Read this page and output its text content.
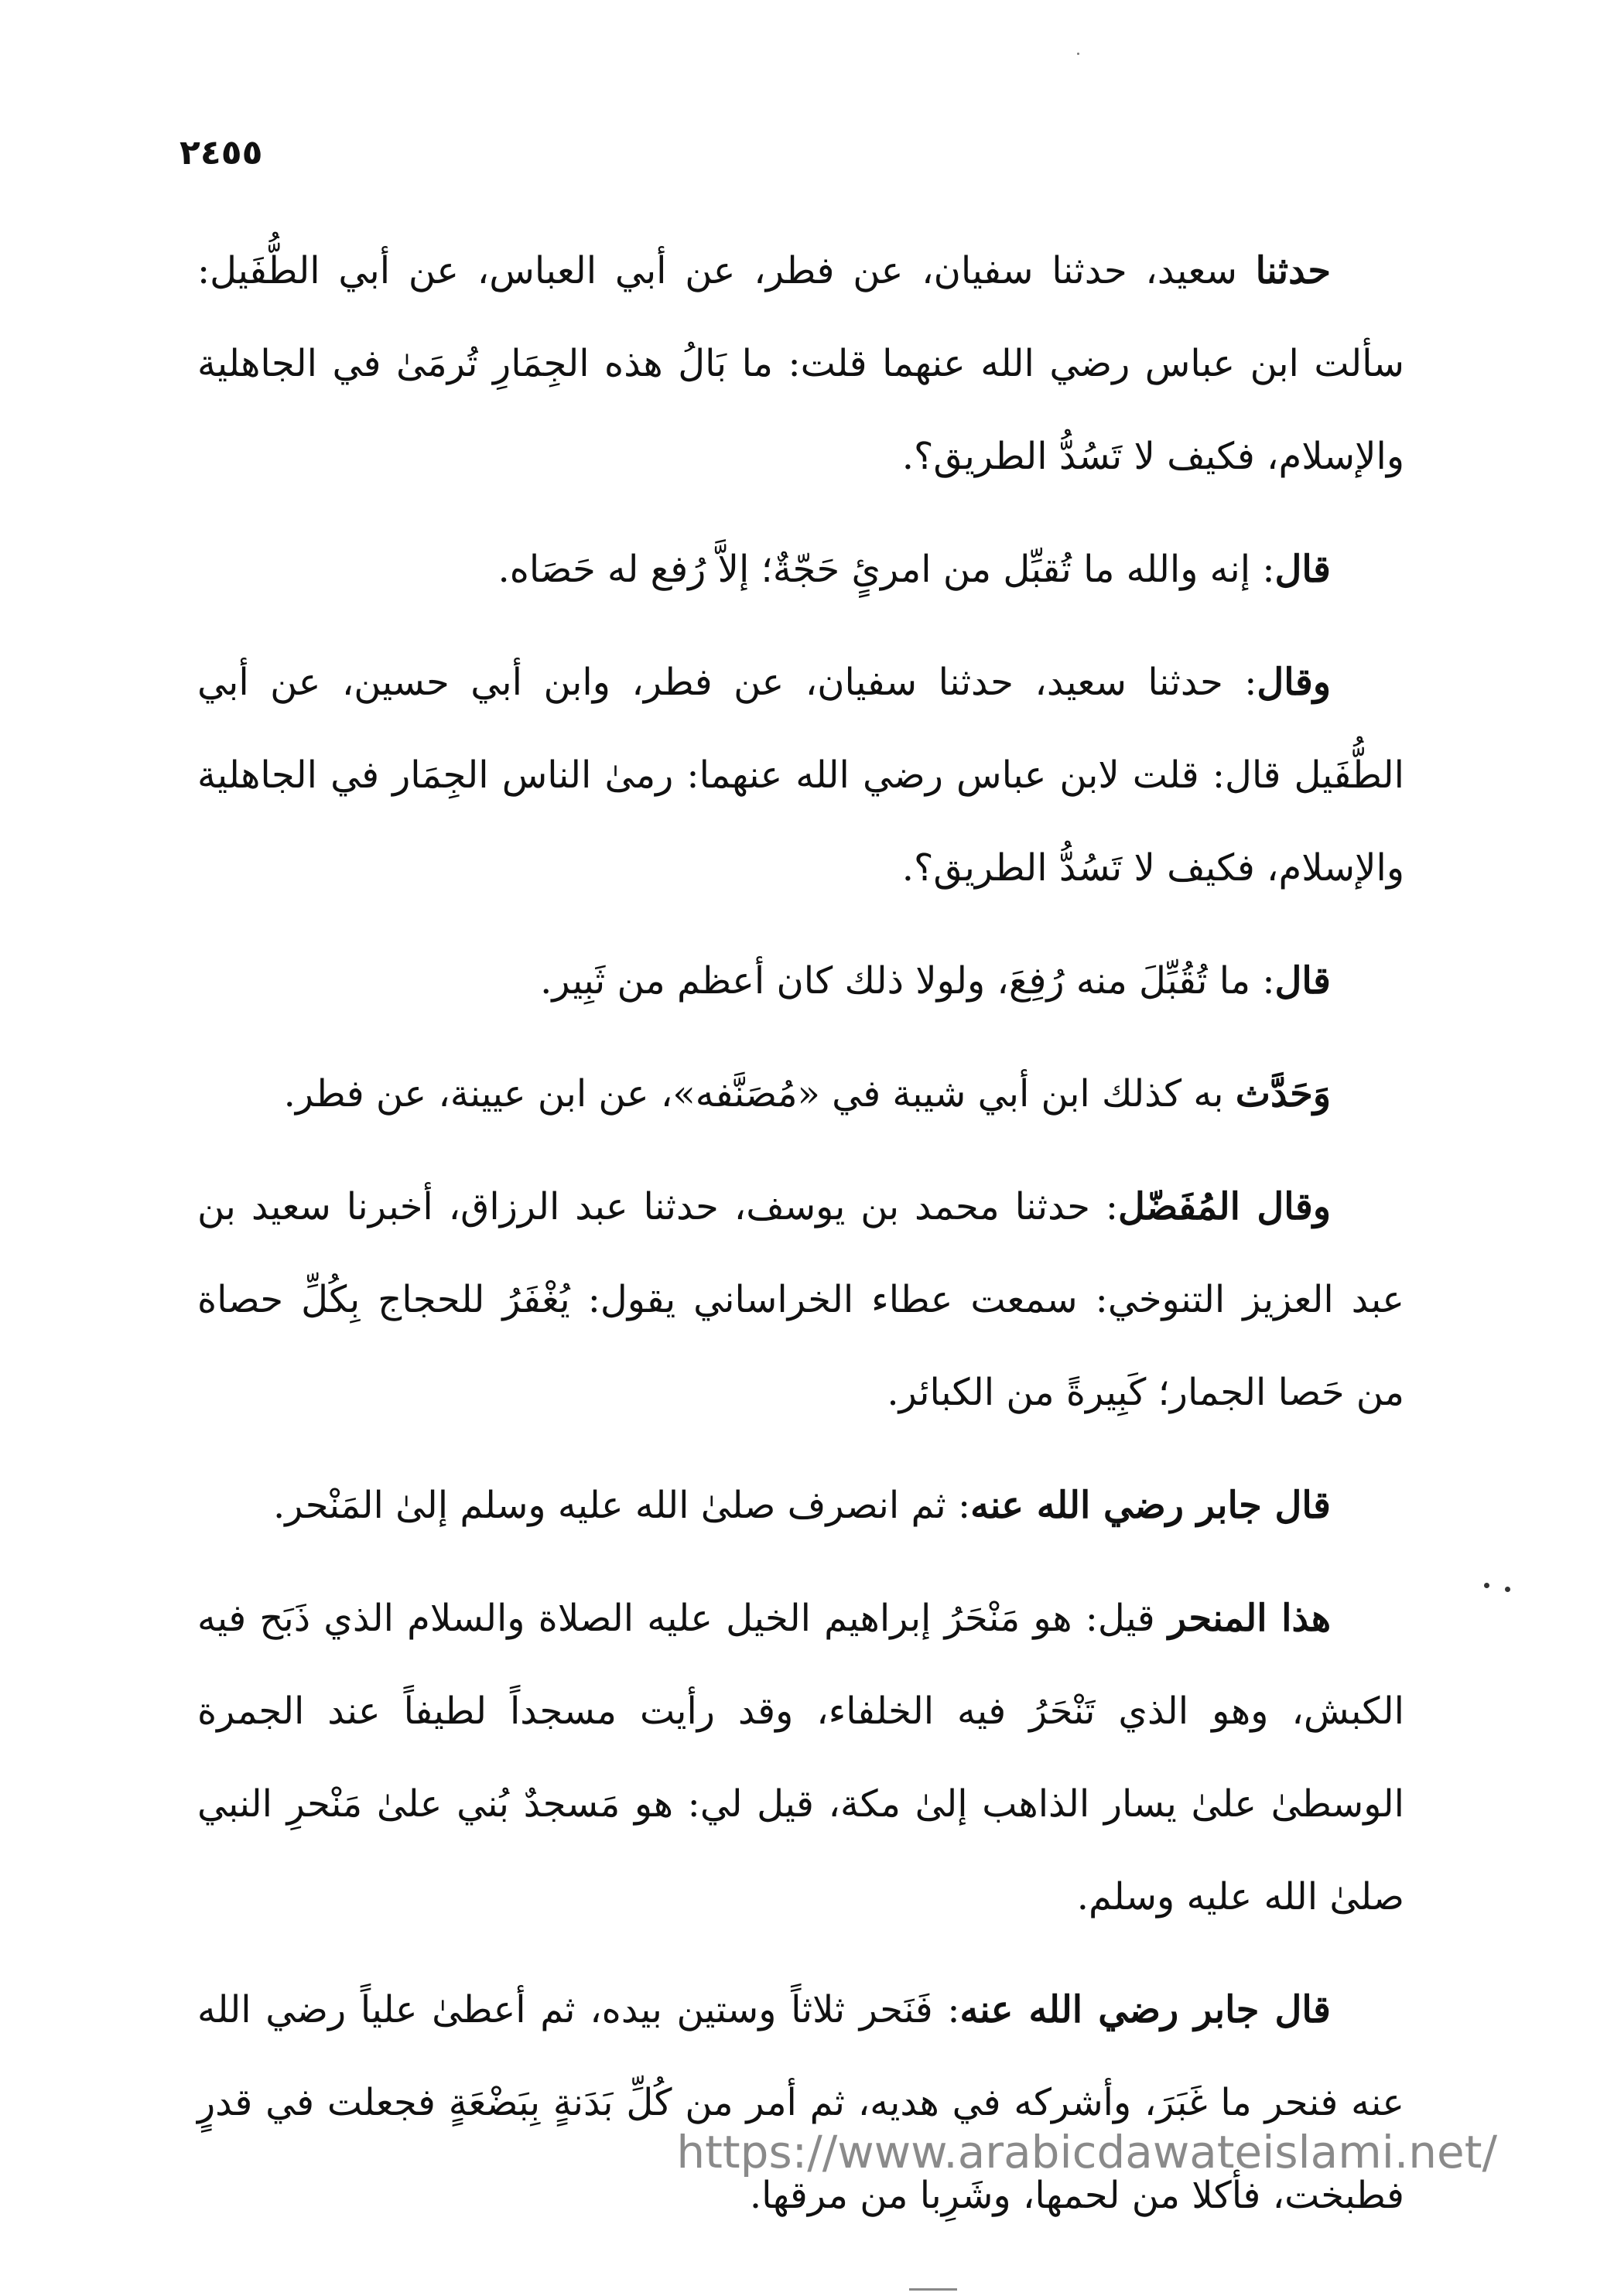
٢٤٥٥

حدثنا سعيد، حدثنا سفيان، عن فطر، عن أبي العباس، عن أبي الطُّفَيل: سألت ابن عباس رضي الله عنهما قلت: ما بَالُ هذه الجِمَارِ تُرمَىٰ في الجاهلية والإسلام، فكيف لا تَسُدُّ الطريق؟.

قال: إنه والله ما تُقبِّل من امرئٍ حَجّةٌ؛ إلاَّ رُفع له حَصَاه.

وقال: حدثنا سعيد، حدثنا سفيان، عن فطر، وابن أبي حسين، عن أبي الطُّفَيل قال: قلت لابن عباس رضي الله عنهما: رمىٰ الناس الجِمَار في الجاهلية والإسلام، فكيف لا تَسُدُّ الطريق؟.

قال: ما تُقُبِّلَ منه رُفِعَ، ولولا ذلك كان أعظم من ثَبِير.

وَحَدَّث به كذلك ابن أبي شيبة في «مُصَنَّفه»، عن ابن عيينة، عن فطر.

وقال المُفَضّل: حدثنا محمد بن يوسف، حدثنا عبد الرزاق، أخبرنا سعيد بن عبد العزيز التنوخي: سمعت عطاء الخراساني يقول: يُغْفَرُ للحجاج بِكُلِّ حصاة من حَصا الجمار؛ كَبِيرةً من الكبائر.

قال جابر رضي الله عنه: ثم انصرف صلىٰ الله عليه وسلم إلىٰ المَنْحر.

هذا المنحر قيل: هو مَنْحَرُ إبراهيم الخيل عليه الصلاة والسلام الذي ذَبَح فيه الكبش، وهو الذي تَنْحَرُ فيه الخلفاء، وقد رأيت مسجداً لطيفاً عند الجمرة الوسطىٰ علىٰ يسار الذاهب إلىٰ مكة، قيل لي: هو مَسجدٌ بُني علىٰ مَنْحرِ النبي صلىٰ الله عليه وسلم.

قال جابر رضي الله عنه: فَنَحر ثلاثاً وستين بيده، ثم أعطىٰ علياً رضي الله عنه فنحر ما غَبَرَ، وأشركه في هديه، ثم أمر من كُلِّ بَدَنةٍ بِبَضْعَةٍ فجعلت في قدرٍ فطبخت، فأكلا من لحمها، وشَرِبا من مرقها.

https://www.arabicdawateislami.net/
